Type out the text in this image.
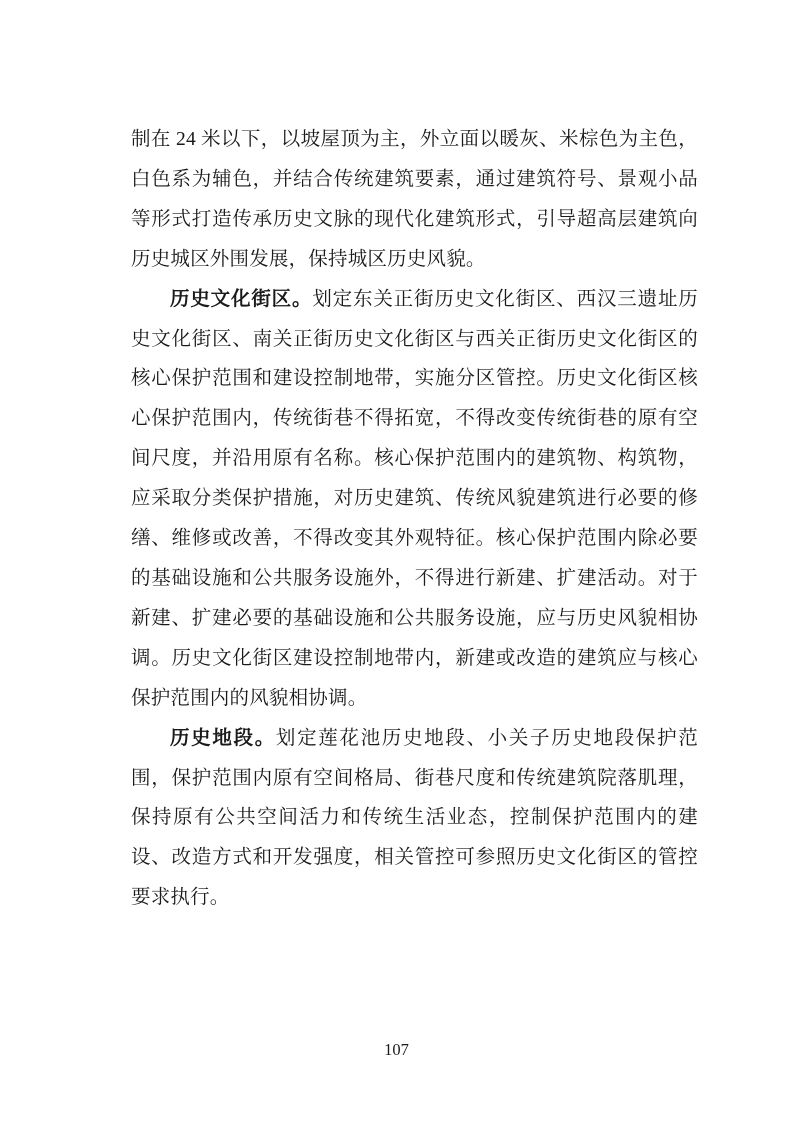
制在 24 米以下，以坡屋顶为主，外立面以暖灰、米棕色为主色，白色系为辅色，并结合传统建筑要素，通过建筑符号、景观小品等形式打造传承历史文脉的现代化建筑形式，引导超高层建筑向历史城区外围发展，保持城区历史风貌。

历史文化街区。划定东关正街历史文化街区、西汉三遗址历史文化街区、南关正街历史文化街区与西关正街历史文化街区的核心保护范围和建设控制地带，实施分区管控。历史文化街区核心保护范围内，传统街巷不得拓宽，不得改变传统街巷的原有空间尺度，并沿用原有名称。核心保护范围内的建筑物、构筑物，应采取分类保护措施，对历史建筑、传统风貌建筑进行必要的修缮、维修或改善，不得改变其外观特征。核心保护范围内除必要的基础设施和公共服务设施外，不得进行新建、扩建活动。对于新建、扩建必要的基础设施和公共服务设施，应与历史风貌相协调。历史文化街区建设控制地带内，新建或改造的建筑应与核心保护范围内的风貌相协调。

历史地段。划定莲花池历史地段、小关子历史地段保护范围，保护范围内原有空间格局、街巷尺度和传统建筑院落肌理，保持原有公共空间活力和传统生活业态，控制保护范围内的建设、改造方式和开发强度，相关管控可参照历史文化街区的管控要求执行。

107
